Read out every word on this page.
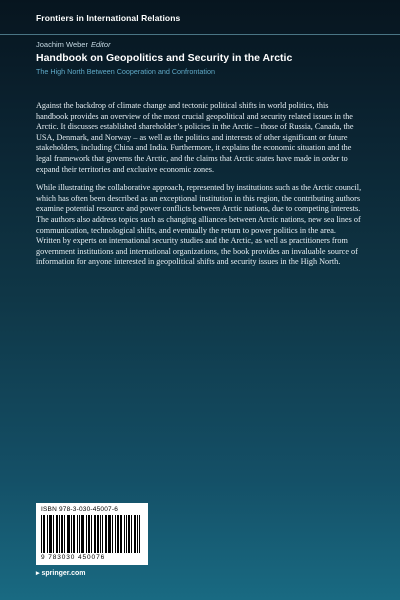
Frontiers in International Relations
Joachim Weber Editor
Handbook on Geopolitics and Security in the Arctic
The High North Between Cooperation and Confrontation

Against the backdrop of climate change and tectonic political shifts in world politics, this handbook provides an overview of the most crucial geopolitical and security related issues in the Arctic. It discusses established shareholder’s policies in the Arctic – those of Russia, Canada, the USA, Denmark, and Norway – as well as the politics and interests of other significant or future stakeholders, including China and India. Furthermore, it explains the economic situation and the legal framework that governs the Arctic, and the claims that Arctic states have made in order to expand their territories and exclusive economic zones.

While illustrating the collaborative approach, represented by institutions such as the Arctic council, which has often been described as an exceptional institution in this region, the contributing authors examine potential resource and power conflicts between Arctic nations, due to competing interests. The authors also address topics such as changing alliances between Arctic nations, new sea lines of communication, technological shifts, and eventually the return to power politics in the area. Written by experts on international security studies and the Arctic, as well as practitioners from government institutions and international organizations, the book provides an invaluable source of information for anyone interested in geopolitical shifts and security issues in the High North.

ISBN 978-3-030-45007-6
9 783030 450076
▸ springer.com
